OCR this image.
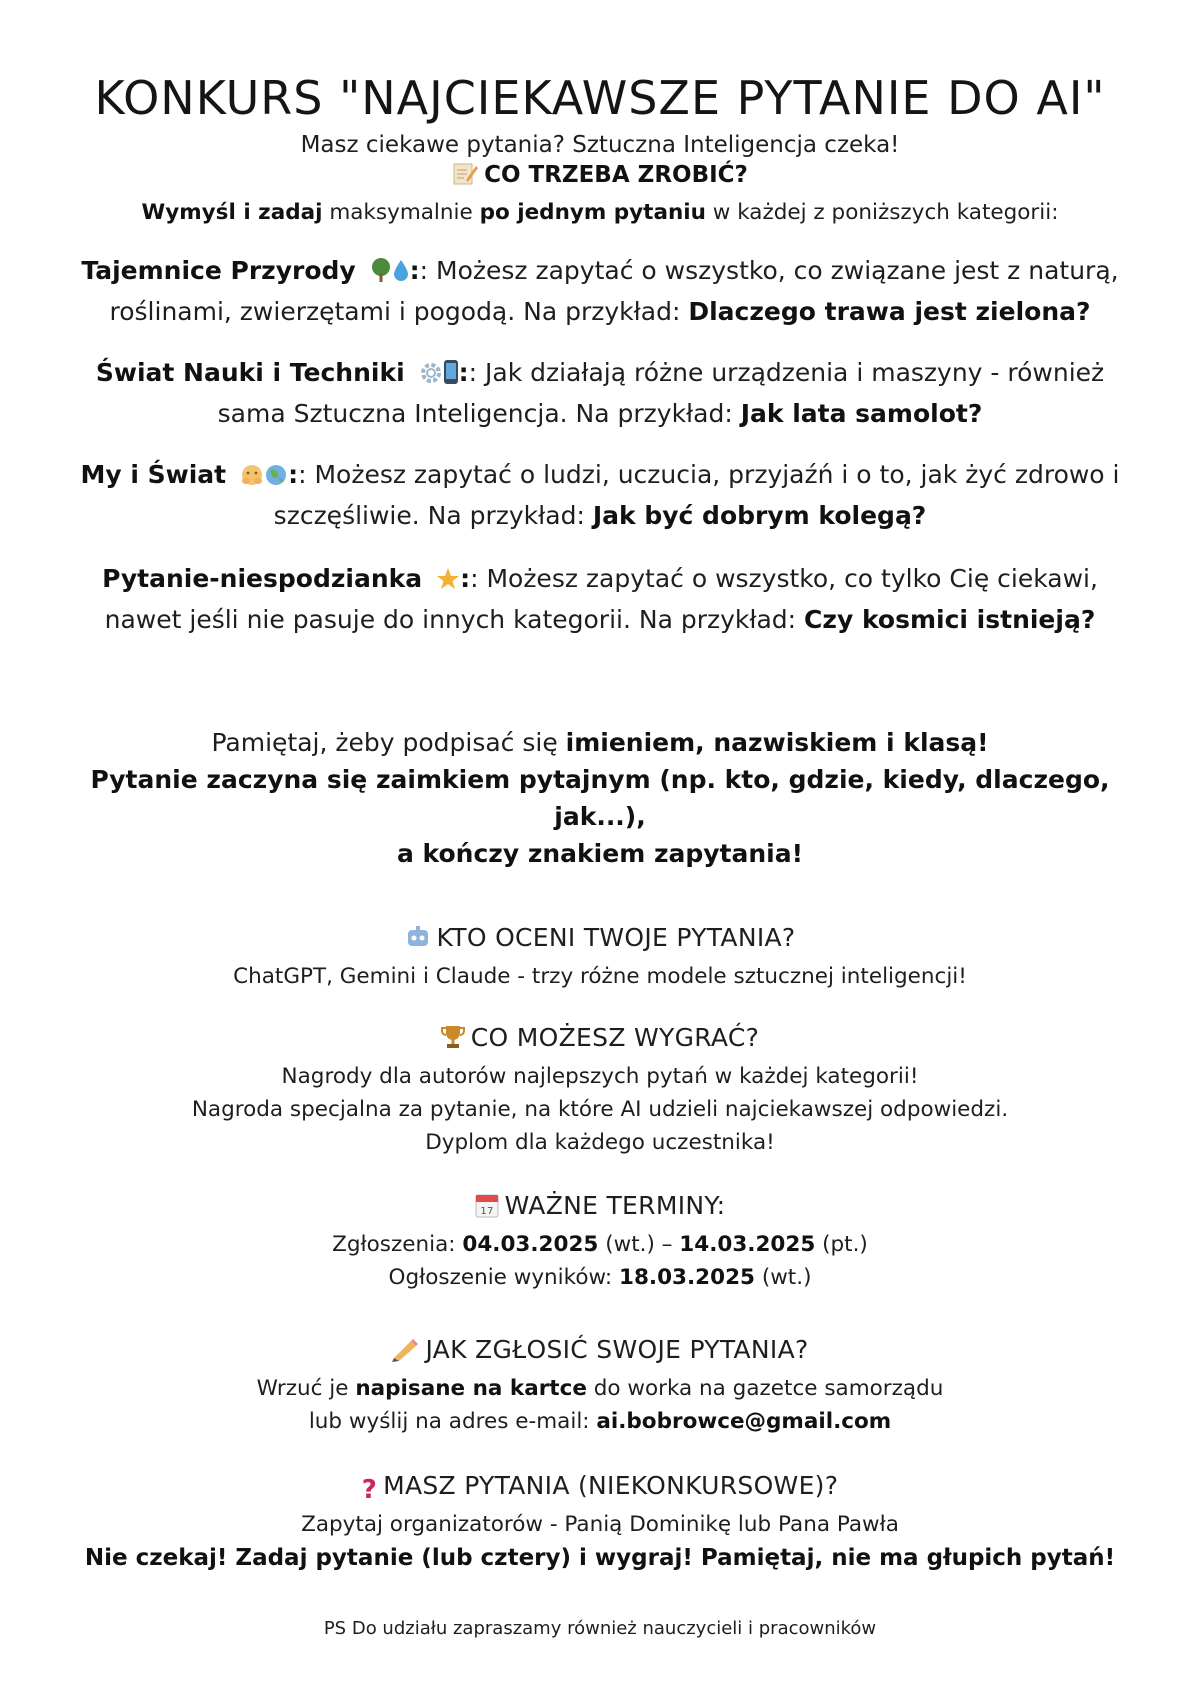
KONKURS "NAJCIEKAWSZE PYTANIE DO AI"
Masz ciekawe pytania? Sztuczna Inteligencja czeka!
CO TRZEBA ZROBIĆ?
Wymyśl i zadaj maksymalnie po jednym pytaniu w każdej z poniższych kategorii:
Tajemnice Przyrody :: Możesz zapytać o wszystko, co związane jest z naturą,
roślinami, zwierzętami i pogodą. Na przykład: Dlaczego trawa jest zielona?
Świat Nauki i Techniki :: Jak działają różne urządzenia i maszyny - również
sama Sztuczna Inteligencja. Na przykład: Jak lata samolot?
My i Świat :: Możesz zapytać o ludzi, uczucia, przyjaźń i o to, jak żyć zdrowo i
szczęśliwie. Na przykład: Jak być dobrym kolegą?
Pytanie-niespodzianka :: Możesz zapytać o wszystko, co tylko Cię ciekawi,
nawet jeśli nie pasuje do innych kategorii. Na przykład: Czy kosmici istnieją?
Pamiętaj, żeby podpisać się imieniem, nazwiskiem i klasą!
Pytanie zaczyna się zaimkiem pytajnym (np. kto, gdzie, kiedy, dlaczego,
jak...),
a kończy znakiem zapytania!
KTO OCENI TWOJE PYTANIA?
ChatGPT, Gemini i Claude - trzy różne modele sztucznej inteligencji!
CO MOŻESZ WYGRAĆ?
Nagrody dla autorów najlepszych pytań w każdej kategorii!
Nagroda specjalna za pytanie, na które AI udzieli najciekawszej odpowiedzi.
Dyplom dla każdego uczestnika!
17 WAŻNE TERMINY:
Zgłoszenia: 04.03.2025 (wt.) – 14.03.2025 (pt.)
Ogłoszenie wyników: 18.03.2025 (wt.)
JAK ZGŁOSIĆ SWOJE PYTANIA?
Wrzuć je napisane na kartce do worka na gazetce samorządu
lub wyślij na adres e-mail: ai.bobrowce@gmail.com
? MASZ PYTANIA (NIEKONKURSOWE)?
Zapytaj organizatorów - Panią Dominikę lub Pana Pawła
Nie czekaj! Zadaj pytanie (lub cztery) i wygraj! Pamiętaj, nie ma głupich pytań!
PS Do udziału zapraszamy również nauczycieli i pracowników
